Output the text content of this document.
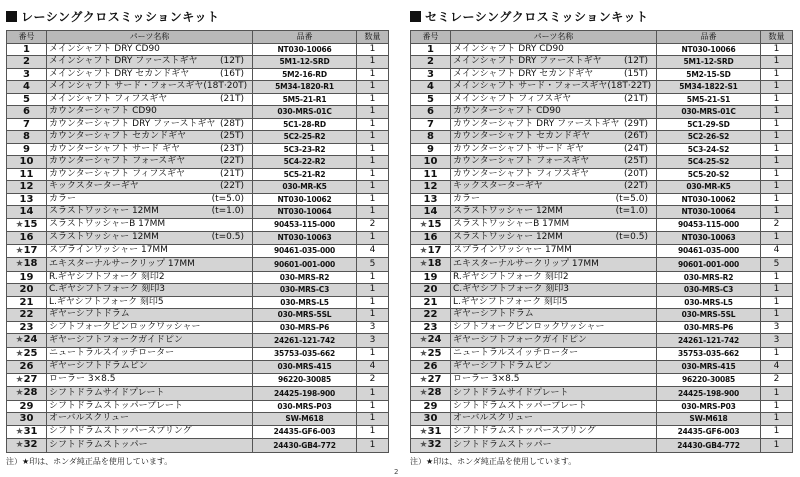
レーシングクロスミッションキット
番号	パーツ名称	品番	数量
1	メインシャフト DRY CD90	NT030-10066	1
2	メインシャフト DRY ファーストギヤ (12T)	5M1-12-SRD	1
3	メインシャフト DRY セカンドギヤ (16T)	5M2-16-RD	1
4	メインシャフト サード・フォースギヤ (18T·20T)	5M34-1820-R1	1
5	メインシャフト フィフスギヤ (21T)	5M5-21-R1	1
6	カウンターシャフト CD90	030-MRS-01C	1
7	カウンターシャフト DRY ファーストギヤ (28T)	5C1-28-RD	1
8	カウンターシャフト セカンドギヤ (25T)	5C2-25-R2	1
9	カウンターシャフト サード ギヤ (23T)	5C3-23-R2	1
10	カウンターシャフト フォースギヤ (22T)	5C4-22-R2	1
11	カウンターシャフト フィフスギヤ (21T)	5C5-21-R2	1
12	キックスターターギヤ (22T)	030-MR-K5	1
13	カラー (t=5.0)	NT030-10062	1
14	スラストワッシャー 12MM (t=1.0)	NT030-10064	1
★15	スラストワッシャーB 17MM	90453-115-000	2
16	スラストワッシャー 12MM (t=0.5)	NT030-10063	1
★17	スプラインワッシャー 17MM	90461-035-000	4
★18	エキスターナルサークリップ 17MM	90601-001-000	5
19	R.ギヤシフトフォーク 刻印2	030-MRS-R2	1
20	C.ギヤシフトフォーク 刻印3	030-MRS-C3	1
21	L.ギヤシフトフォーク 刻印5	030-MRS-L5	1
22	ギヤーシフトドラム	030-MRS-5SL	1
23	シフトフォークピンロックワッシャー	030-MRS-P6	3
★24	ギヤーシフトフォークガイドピン	24261-121-742	3
★25	ニュートラルスイッチローター	35753-035-662	1
26	ギヤーシフトドラムピン	030-MRS-415	4
★27	ローラー 3×8.5	96220-30085	2
★28	シフトドラムサイドプレート	24425-198-900	1
29	シフトドラムストッパープレート	030-MRS-P03	1
30	オーバルスクリュー	SW-M618	1
★31	シフトドラムストッパースプリング	24435-GF6-003	1
★32	シフトドラムストッパー	24430-GB4-772	1
注）★印は、ホンダ純正品を使用しています。
セミレーシングクロスミッションキット
番号	パーツ名称	品番	数量
1	メインシャフト DRY CD90	NT030-10066	1
2	メインシャフト DRY ファーストギヤ (12T)	5M1-12-SRD	1
3	メインシャフト DRY セカンドギヤ (15T)	5M2-15-SD	1
4	メインシャフト サード・フォースギヤ (18T·22T)	5M34-1822-S1	1
5	メインシャフト フィフスギヤ (21T)	5M5-21-S1	1
6	カウンターシャフト CD90	030-MRS-01C	1
7	カウンターシャフト DRY ファーストギヤ (29T)	5C1-29-SD	1
8	カウンターシャフト セカンドギヤ (26T)	5C2-26-S2	1
9	カウンターシャフト サード ギヤ (24T)	5C3-24-S2	1
10	カウンターシャフト フォースギヤ (25T)	5C4-25-S2	1
11	カウンターシャフト フィフスギヤ (20T)	5C5-20-S2	1
12	キックスターターギヤ (22T)	030-MR-K5	1
13	カラー (t=5.0)	NT030-10062	1
14	スラストワッシャー 12MM (t=1.0)	NT030-10064	1
★15	スラストワッシャーB 17MM	90453-115-000	2
16	スラストワッシャー 12MM (t=0.5)	NT030-10063	1
★17	スプラインワッシャー 17MM	90461-035-000	4
★18	エキスターナルサークリップ 17MM	90601-001-000	5
19	R.ギヤシフトフォーク 刻印2	030-MRS-R2	1
20	C.ギヤシフトフォーク 刻印3	030-MRS-C3	1
21	L.ギヤシフトフォーク 刻印5	030-MRS-L5	1
22	ギヤーシフトドラム	030-MRS-5SL	1
23	シフトフォークピンロックワッシャー	030-MRS-P6	3
★24	ギヤーシフトフォークガイドピン	24261-121-742	3
★25	ニュートラルスイッチローター	35753-035-662	1
26	ギヤーシフトドラムピン	030-MRS-415	4
★27	ローラー 3×8.5	96220-30085	2
★28	シフトドラムサイドプレート	24425-198-900	1
29	シフトドラムストッパープレート	030-MRS-P03	1
30	オーバルスクリュー	SW-M618	1
★31	シフトドラムストッパースプリング	24435-GF6-003	1
★32	シフトドラムストッパー	24430-GB4-772	1
注）★印は、ホンダ純正品を使用しています。
2
